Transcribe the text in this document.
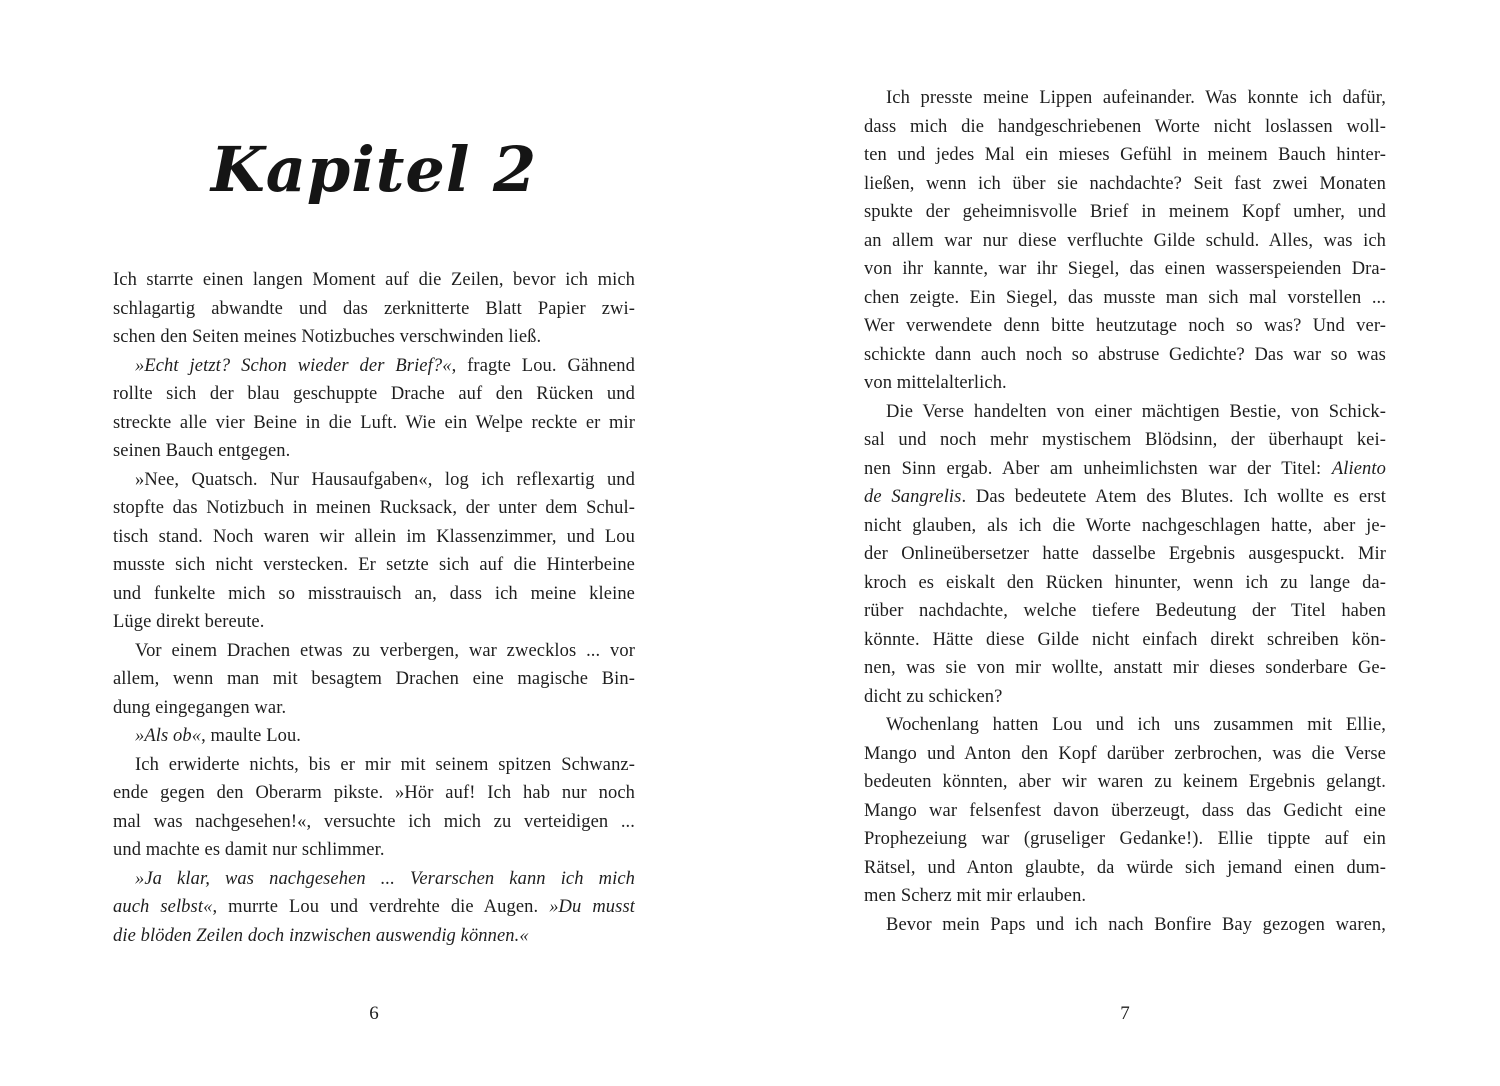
Kapitel 2
Ich starrte einen langen Moment auf die Zeilen, bevor ich mich
schlagartig abwandte und das zerknitterte Blatt Papier zwi-
schen den Seiten meines Notizbuches verschwinden ließ.
»Echt jetzt? Schon wieder der Brief?«, fragte Lou. Gähnend
rollte sich der blau geschuppte Drache auf den Rücken und
streckte alle vier Beine in die Luft. Wie ein Welpe reckte er mir
seinen Bauch entgegen.
»Nee, Quatsch. Nur Hausaufgaben«, log ich reflexartig und
stopfte das Notizbuch in meinen Rucksack, der unter dem Schul-
tisch stand. Noch waren wir allein im Klassenzimmer, und Lou
musste sich nicht verstecken. Er setzte sich auf die Hinterbeine
und funkelte mich so misstrauisch an, dass ich meine kleine
Lüge direkt bereute.
Vor einem Drachen etwas zu verbergen, war zwecklos ... vor
allem, wenn man mit besagtem Drachen eine magische Bin-
dung eingegangen war.
»Als ob«, maulte Lou.
Ich erwiderte nichts, bis er mir mit seinem spitzen Schwanz-
ende gegen den Oberarm pikste. »Hör auf! Ich hab nur noch
mal was nachgesehen!«, versuchte ich mich zu verteidigen ...
und machte es damit nur schlimmer.
»Ja klar, was nachgesehen ... Verarschen kann ich mich
auch selbst«, murrte Lou und verdrehte die Augen. »Du musst
die blöden Zeilen doch inzwischen auswendig können.«
Ich presste meine Lippen aufeinander. Was konnte ich dafür,
dass mich die handgeschriebenen Worte nicht loslassen woll-
ten und jedes Mal ein mieses Gefühl in meinem Bauch hinter-
ließen, wenn ich über sie nachdachte? Seit fast zwei Monaten
spukte der geheimnisvolle Brief in meinem Kopf umher, und
an allem war nur diese verfluchte Gilde schuld. Alles, was ich
von ihr kannte, war ihr Siegel, das einen wasserspeienden Dra-
chen zeigte. Ein Siegel, das musste man sich mal vorstellen ...
Wer verwendete denn bitte heutzutage noch so was? Und ver-
schickte dann auch noch so abstruse Gedichte? Das war so was
von mittelalterlich.
Die Verse handelten von einer mächtigen Bestie, von Schick-
sal und noch mehr mystischem Blödsinn, der überhaupt kei-
nen Sinn ergab. Aber am unheimlichsten war der Titel: Aliento
de Sangrelis. Das bedeutete Atem des Blutes. Ich wollte es erst
nicht glauben, als ich die Worte nachgeschlagen hatte, aber je-
der Onlineübersetzer hatte dasselbe Ergebnis ausgespuckt. Mir
kroch es eiskalt den Rücken hinunter, wenn ich zu lange da-
rüber nachdachte, welche tiefere Bedeutung der Titel haben
könnte. Hätte diese Gilde nicht einfach direkt schreiben kön-
nen, was sie von mir wollte, anstatt mir dieses sonderbare Ge-
dicht zu schicken?
Wochenlang hatten Lou und ich uns zusammen mit Ellie,
Mango und Anton den Kopf darüber zerbrochen, was die Verse
bedeuten könnten, aber wir waren zu keinem Ergebnis gelangt.
Mango war felsenfest davon überzeugt, dass das Gedicht eine
Prophezeiung war (gruseliger Gedanke!). Ellie tippte auf ein
Rätsel, und Anton glaubte, da würde sich jemand einen dum-
men Scherz mit mir erlauben.
Bevor mein Paps und ich nach Bonfire Bay gezogen waren,
6	7
